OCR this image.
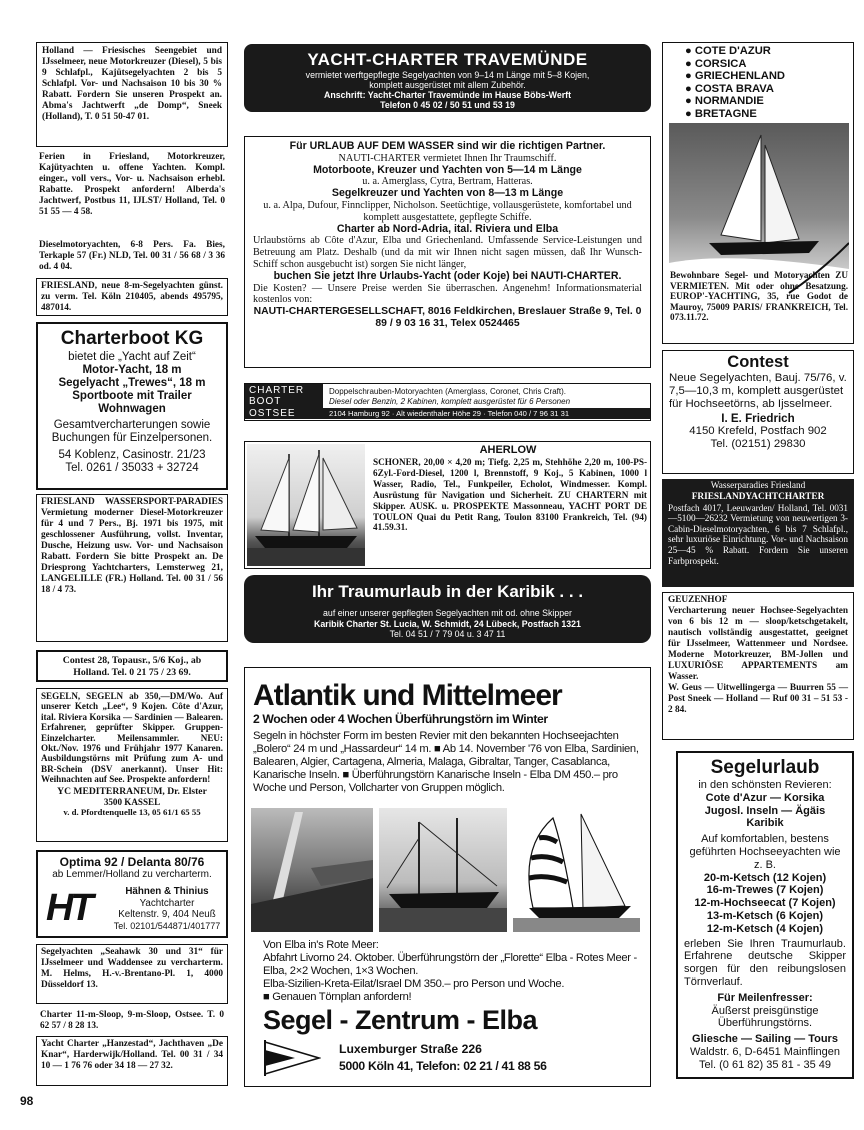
Holland — Friesisches Seengebiet und IJsselmeer, neue Motorkreuzer (Diesel), 5 bis 9 Schlafpl., Kajütsegelyachten 2 bis 5 Schlafpl. Vor- und Nachsaison 10 bis 30 % Rabatt. Fordern Sie unseren Prospekt an. Abma's Jachtwerft „de Domp“, Sneek (Holland), T. 0 51 50-47 01.
Ferien in Friesland, Motorkreuzer, Kajütyachten u. offene Yachten. Kompl. einger., voll vers., Vor- u. Nachsaison erhebl. Rabatte. Prospekt anfordern! Alberda's Jachtwerf, Postbus 11, IJLST/ Holland, Tel. 0 51 55 — 4 58.
Dieselmotoryachten, 6-8 Pers. Fa. Bies, Terkaple 57 (Fr.) NLD, Tel. 00 31 / 56 68 / 3 36 od. 4 04.
FRIESLAND, neue 8-m-Segelyachten günst. zu verm. Tel. Köln 210405, abends 495795, 487014.
Charterboot KG
bietet die „Yacht auf Zeit“
Motor-Yacht, 18 m
Segelyacht „Trewes“, 18 m
Sportboote mit Trailer
Wohnwagen
Gesamtvercharterungen sowie Buchungen für Einzelpersonen.
54 Koblenz, Casinostr. 21/23
Tel. 0261 / 35033 + 32724
FRIESLAND WASSERSPORT-PARADIES Vermietung moderner Diesel-Motorkreuzer für 4 und 7 Pers., Bj. 1971 bis 1975, mit geschlossener Ausführung, vollst. Inventar, Dusche, Heizung usw. Vor- und Nachsaison Rabatt. Fordern Sie bitte Prospekt an. De Driesprong Yachtcharters, Lemsterweg 21, LANGELILLE (FR.) Holland. Tel. 00 31 / 56 18 / 4 73.
Contest 28, Topausr., 5/6 Koj., ab Holland. Tel. 0 21 75 / 23 69.
SEGELN, SEGELN ab 350,—DM/Wo. Auf unserer Ketch „Lee“, 9 Kojen. Côte d'Azur, ital. Riviera Korsika — Sardinien — Balearen. Erfahrener, geprüfter Skipper. Gruppen-Einzelcharter. Meilensammler. NEU: Okt./Nov. 1976 und Frühjahr 1977 Kanaren. Ausbildungstörns mit Prüfung zum A- und BR-Schein (DSV anerkannt). Unser Hit: Weihnachten auf See. Prospekte anfordern!
YC MEDITERRANEUM, Dr. Elster
3500 KASSEL
v. d. Pfordtenquelle 13, 05 61/1 65 55
Optima 92 / Delanta 80/76
ab Lemmer/Holland zu vercharterm.
HT	Hähnen & Thinius
Yachtcharter
Keltenstr. 9, 404 Neuß
Tel. 02101/544871/401777
Segelyachten „Seahawk 30 und 31“ für IJsselmeer und Waddensee zu vercharterm. M. Helms, H.-v.-Brentano-Pl. 1, 4000 Düsseldorf 13.
Charter 11-m-Sloop, 9-m-Sloop, Ostsee. T. 0 62 57 / 8 28 13.
Yacht Charter „Hanzestad“, Jachthaven „De Knar“, Harderwijk/Holland. Tel. 00 31 / 34 10 — 1 76 76 oder 34 18 — 27 32.
YACHT-CHARTER TRAVEMÜNDE
vermietet werftgepflegte Segelyachten von 9–14 m Länge mit 5–8 Kojen,
komplett ausgerüstet mit allem Zubehör.
Anschrift: Yacht-Charter Travemünde im Hause Böbs-Werft
Telefon 0 45 02 / 50 51 und 53 19
Für URLAUB AUF DEM WASSER sind wir die richtigen Partner.
NAUTI-CHARTER vermietet Ihnen Ihr Traumschiff.
Motorboote, Kreuzer und Yachten von 5—14 m Länge
u. a. Amerglass, Cytra, Bertram, Hatteras.
Segelkreuzer und Yachten von 8—13 m Länge
u. a. Alpa, Dufour, Finnclipper, Nicholson. Seetüchtige, vollausgerüstete, komfortabel und komplett ausgestattete, gepflegte Schiffe.
Charter ab Nord-Adria, ital. Riviera und Elba
Urlaubstörns ab Côte d'Azur, Elba und Griechenland. Umfassende Service-Leistungen und Betreuung am Platz. Deshalb (und da mit wir Ihnen nicht sagen müssen, daß Ihr Wunsch-Schiff schon ausgebucht ist) sorgen Sie nicht länger,
buchen Sie jetzt Ihre Urlaubs-Yacht (oder Koje) bei NAUTI-CHARTER.
Die Kosten? — Unsere Preise werden Sie überraschen. Angenehm! Informationsmaterial kostenlos von:
NAUTI-CHARTERGESELLSCHAFT, 8016 Feldkirchen, Breslauer Straße 9, Tel. 0 89 / 9 03 16 31, Telex 0524465
CHARTER
BOOT
OSTSEE
Doppelschrauben-Motoryachten (Amerglass, Coronet, Chris Craft).
Diesel oder Benzin, 2 Kabinen, komplett ausgerüstet für 6 Personen
2104 Hamburg 92 · Alt wiedenthaler Höhe 29 · Telefon 040 / 7 96 31 31
AHERLOW
SCHONER, 20,00 × 4,20 m; Tiefg. 2,25 m, Stehhöhe 2,20 m, 100-PS-6Zyl.-Ford-Diesel, 1200 l, Brennstoff, 9 Koj., 5 Kabinen, 1000 l Wasser, Radio, Tel., Funkpeiler, Echolot, Windmesser. Kompl. Ausrüstung für Navigation und Sicherheit. ZU CHARTERN mit Skipper. AUSK. u. PROSPEKTE Massonneau, YACHT PORT DE TOULON Quai du Petit Rang, Toulon 83100 Frankreich, Tel. (94) 41.59.31.
Ihr Traumurlaub in der Karibik . . .
auf einer unserer gepflegten Segelyachten mit od. ohne Skipper
Karibik Charter St. Lucia, W. Schmidt, 24 Lübeck, Postfach 1321
Tel. 04 51 / 7 79 04 u. 3 47 11
Atlantik und Mittelmeer
2 Wochen oder 4 Wochen Überführungstörn im Winter
Segeln in höchster Form im besten Revier mit den bekannten Hochseejachten „Bolero“ 24 m und „Hassardeur“ 14 m. ■ Ab 14. November '76 von Elba, Sardinien, Balearen, Algier, Cartagena, Almeria, Malaga, Gibraltar, Tanger, Casablanca, Kanarische Inseln. ■ Überführungstörn Kanarische Inseln - Elba DM 450.– pro Woche und Person, Vollcharter von Gruppen möglich.
Von Elba in's Rote Meer:
Abfahrt Livorno 24. Oktober. Überführungstörn der „Florette“ Elba - Rotes Meer - Elba, 2×2 Wochen, 1×3 Wochen.
Elba-Sizilien-Kreta-Eilat/Israel DM 350.– pro Person und Woche.
■ Genauen Törnplan anfordern!
Segel - Zentrum - Elba
Luxemburger Straße 226
5000 Köln 41, Telefon: 02 21 / 41 88 56
● COTE D'AZUR
● CORSICA
● GRIECHENLAND
● COSTA BRAVA
● NORMANDIE
● BRETAGNE
Bewohnbare Segel- und Motoryachten ZU VERMIETEN. Mit oder ohne Besatzung. EUROP'-YACHTING, 35, rue Godot de Mauroy, 75009 PARIS/ FRANKREICH, Tel. 073.11.72.
Contest
Neue Segelyachten, Bauj. 75/76, v. 7,5—10,3 m, komplett ausgerüstet für Hochseetörns, ab Ijsselmeer.
I. E. Friedrich
4150 Krefeld, Postfach 902
Tel. (02151) 29830
Wasserparadies Friesland
FRIESLANDYACHTCHARTER
Postfach 4017, Leeuwarden/ Holland, Tel. 0031—5100—26232 Vermietung von neuwertigen 3-Cabin-Dieselmotoryachten, 6 bis 7 Schlafpl., sehr luxuriöse Einrichtung. Vor- und Nachsaison 25—45 % Rabatt. Fordern Sie unseren Farbprospekt.
GEUZENHOF
Vercharterung neuer Hochsee-Segelyachten von 6 bis 12 m — sloop/ketschgetakelt, nautisch vollständig ausgestattet, geeignet für IJsselmeer, Wattenmeer und Nordsee. Moderne Motorkreuzer, BM-Jollen und LUXURIÖSE APPARTEMENTS am Wasser.
W. Geus — Uitwellingerga — Buurren 55 — Post Sneek — Holland — Ruf 00 31 – 51 53 - 2 84.
Segelurlaub
in den schönsten Revieren:
Cote d'Azur — Korsika
Jugosl. Inseln — Ägäis
Karibik
Auf komfortablen, bestens geführten Hochseeyachten wie z. B.
20-m-Ketsch (12 Kojen)
16-m-Trewes (7 Kojen)
12-m-Hochseecat (7 Kojen)
13-m-Ketsch (6 Kojen)
12-m-Ketsch (4 Kojen)
erleben Sie Ihren Traumurlaub. Erfahrene deutsche Skipper sorgen für den reibungslosen Törnverlauf.
Für Meilenfresser:
Äußerst preisgünstige Überführungstörns.
Gliesche — Sailing — Tours
Waldstr. 6, D-6451 Mainflingen
Tel. (0 61 82) 35 81 - 35 49
98
